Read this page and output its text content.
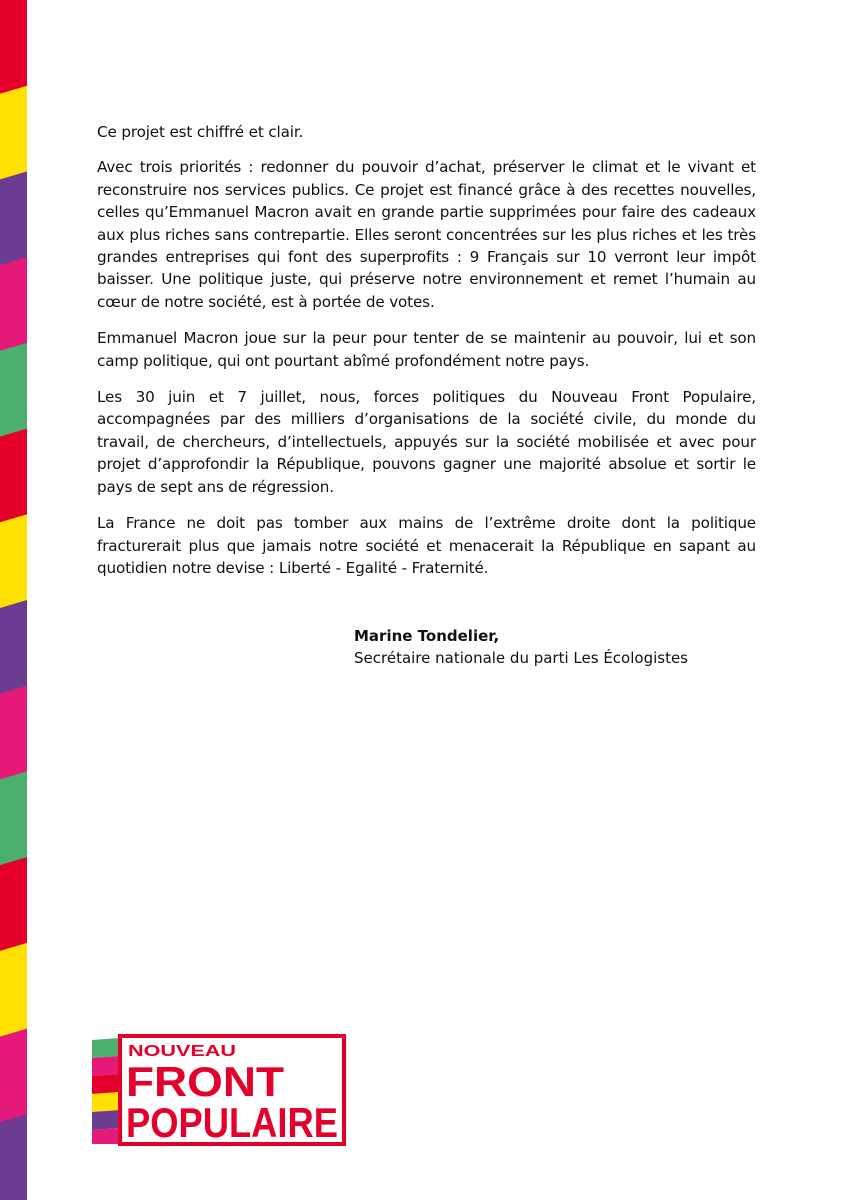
Ce projet est chiffré et clair.

Avec trois priorités : redonner du pouvoir d’achat, préserver le climat et le vivant et reconstruire nos services publics. Ce projet est financé grâce à des recettes nouvelles, celles qu’Emmanuel Macron avait en grande partie supprimées pour faire des cadeaux aux plus riches sans contrepartie. Elles seront concentrées sur les plus riches et les très grandes entreprises qui font des superprofits : 9 Français sur 10 verront leur impôt baisser. Une politique juste, qui préserve notre environnement et remet l’humain au cœur de notre société, est à portée de votes.

Emmanuel Macron joue sur la peur pour tenter de se maintenir au pouvoir, lui et son camp politique, qui ont pourtant abîmé profondément notre pays.

Les 30 juin et 7 juillet, nous, forces politiques du Nouveau Front Populaire, accompagnées par des milliers d’organisations de la société civile, du monde du travail, de chercheurs, d’intellectuels, appuyés sur la société mobilisée et avec pour projet d’approfondir la République, pouvons gagner une majorité absolue et sortir le pays de sept ans de régression.

La France ne doit pas tomber aux mains de l’extrême droite dont la politique fracturerait plus que jamais notre société et menacerait la République en sapant au quotidien notre devise : Liberté - Egalité - Fraternité.

Marine Tondelier,
Secrétaire nationale du parti Les Écologistes
NOUVEAU
FRONT
POPULAIRE
